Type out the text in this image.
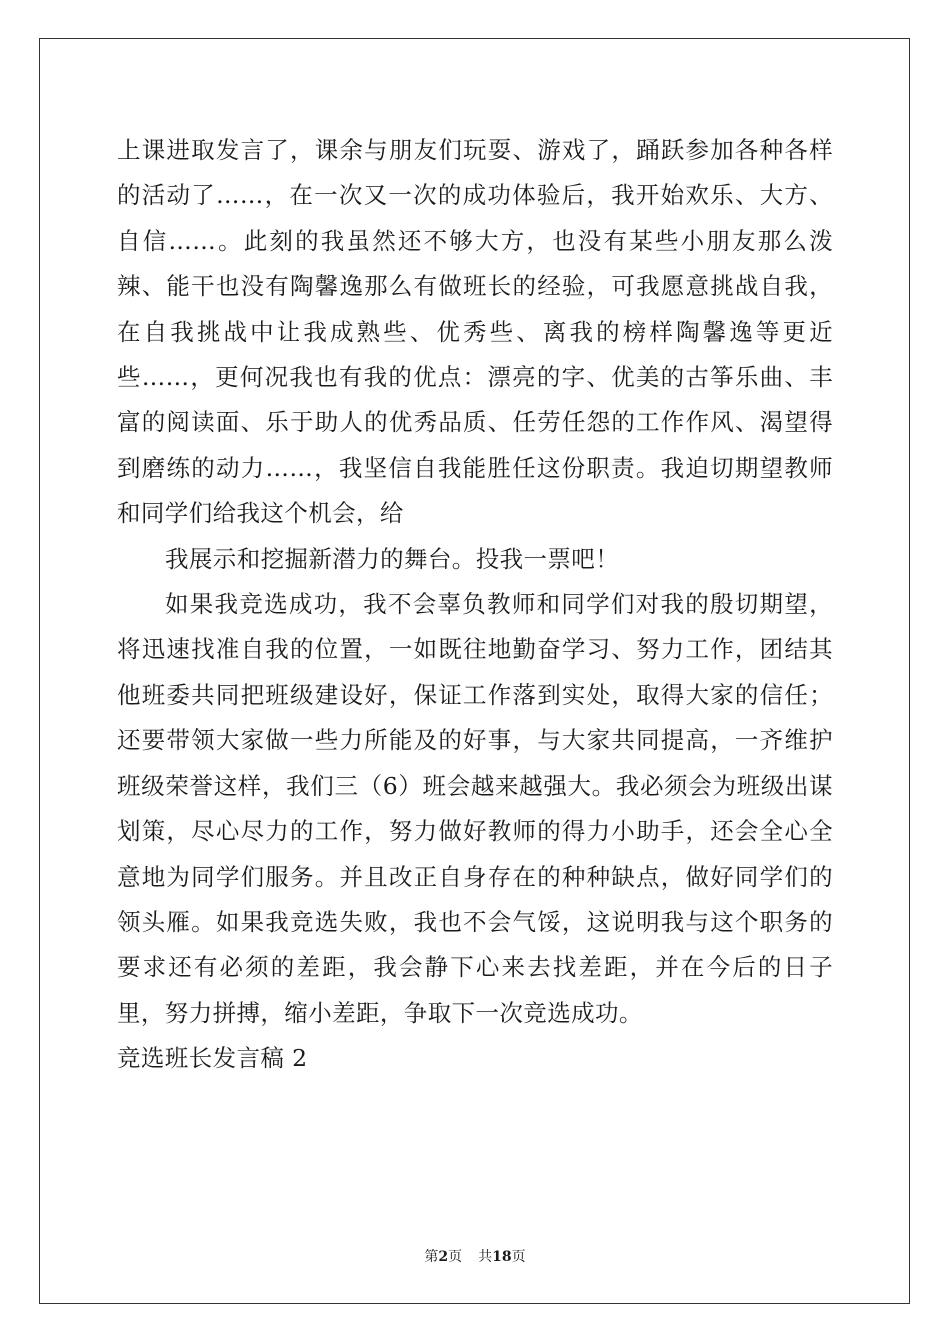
上课进取发言了，课余与朋友们玩耍、游戏了，踊跃参加各种各样的活动了……，在一次又一次的成功体验后，我开始欢乐、大方、自信……。此刻的我虽然还不够大方，也没有某些小朋友那么泼辣、能干也没有陶馨逸那么有做班长的经验，可我愿意挑战自我，在自我挑战中让我成熟些、优秀些、离我的榜样陶馨逸等更近些……，更何况我也有我的优点：漂亮的字、优美的古筝乐曲、丰富的阅读面、乐于助人的优秀品质、任劳任怨的工作作风、渴望得到磨练的动力……，我坚信自我能胜任这份职责。我迫切期望教师和同学们给我这个机会，给

我展示和挖掘新潜力的舞台。投我一票吧！

如果我竞选成功，我不会辜负教师和同学们对我的殷切期望，将迅速找准自我的位置，一如既往地勤奋学习、努力工作，团结其他班委共同把班级建设好，保证工作落到实处，取得大家的信任；还要带领大家做一些力所能及的好事，与大家共同提高，一齐维护班级荣誉这样，我们三（6）班会越来越强大。我必须会为班级出谋划策，尽心尽力的工作，努力做好教师的得力小助手，还会全心全意地为同学们服务。并且改正自身存在的种种缺点，做好同学们的领头雁。如果我竞选失败，我也不会气馁，这说明我与这个职务的要求还有必须的差距，我会静下心来去找差距，并在今后的日子里，努力拼搏，缩小差距，争取下一次竞选成功。

竞选班长发言稿 2

第2页 共18页
